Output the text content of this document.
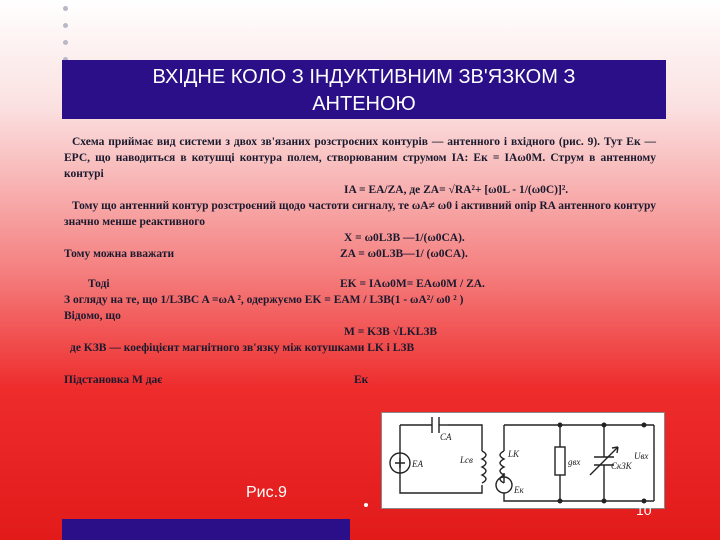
ВХІДНЕ КОЛО З ІНДУКТИВНИМ ЗВ'ЯЗКОМ З
АНТЕНОЮ
Схема приймає вид системи з двох зв'язаних розстроєних контурів — антенного і вхідного (рис. 9). Тут Eк — ЕРС, що наводиться в котушці контура полем, створюваним струмом IA: Eк = IAω0M. Струм в антенному контурі
IA = EA/ZA, де ZA= √RA²+ [ω0L - 1/(ω0C)]².
Тому що антенний контур розстроєний щодо частоти сигналу, те ωA≠ ω0 і активний опір RA антенного контуру значно менше реактивного
X = ω0LЗВ —1/(ω0CA).
Тому можна вважати	ZA = ω0LЗВ—1/ (ω0CA).
Тоді	EK = IAω0M= EAω0M / ZA.
З огляду на те, що 1/LЗВC A =ωA ², одержуємо EK = EAM / LЗВ(1 - ωA²/ ω0 ² )
Відомо, що
M = KЗВ √LKLЗВ
де KЗВ — коефіцієнт магнітного зв'язку між котушками LK і LЗВ
Підстановка M дає	Eк
CA
EA	Lсв
LK
Eк
gвх	CкЗК
Uвх
Рис.9
10
